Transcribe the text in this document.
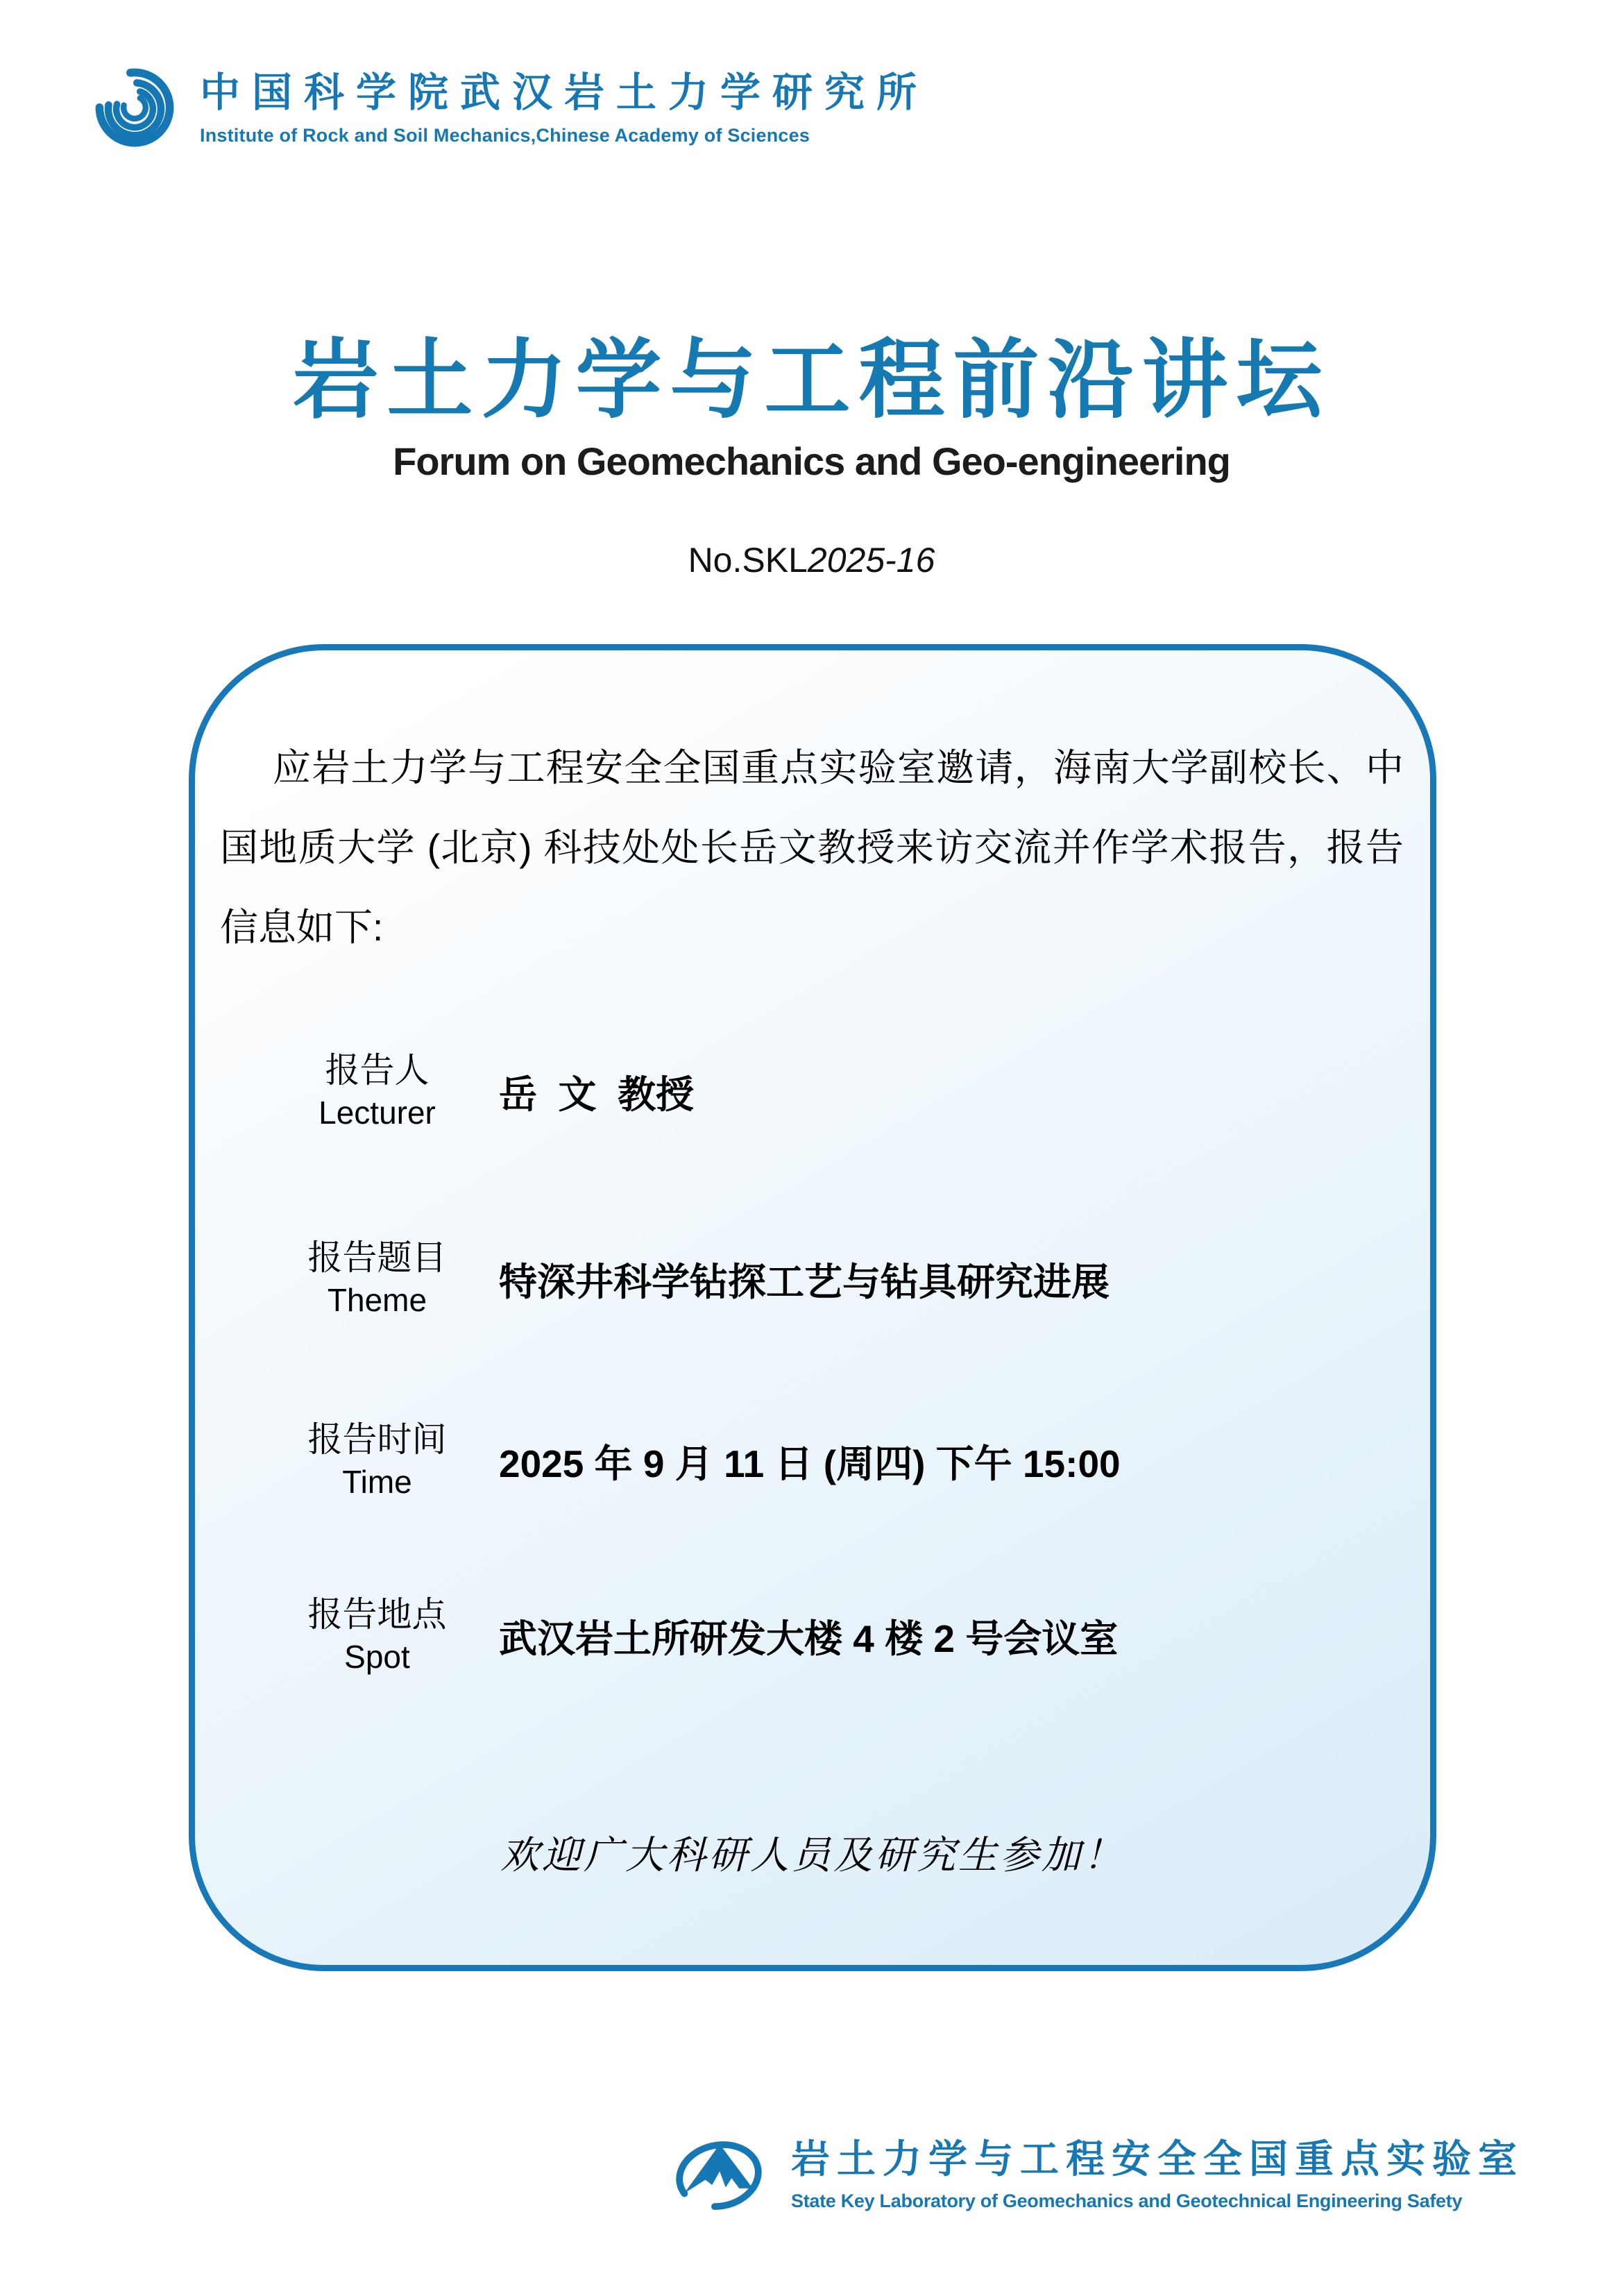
中国科学院武汉岩土力学研究所
Institute of Rock and Soil Mechanics,Chinese Academy of Sciences
岩土力学与工程前沿讲坛
Forum on Geomechanics and Geo-engineering
No.SKL2025-16
应岩土力学与工程安全全国重点实验室邀请，海南大学副校长、中国地质大学 (北京) 科技处处长岳文教授来访交流并作学术报告，报告信息如下:
报告人
Lecturer	岳  文  教授
报告题目
Theme	特深井科学钻探工艺与钻具研究进展
报告时间
Time	2025 年 9 月 11 日 (周四) 下午 15:00
报告地点
Spot	武汉岩土所研发大楼 4 楼 2 号会议室
欢迎广大科研人员及研究生参加！
岩土力学与工程安全全国重点实验室
State Key Laboratory of Geomechanics and Geotechnical Engineering Safety
